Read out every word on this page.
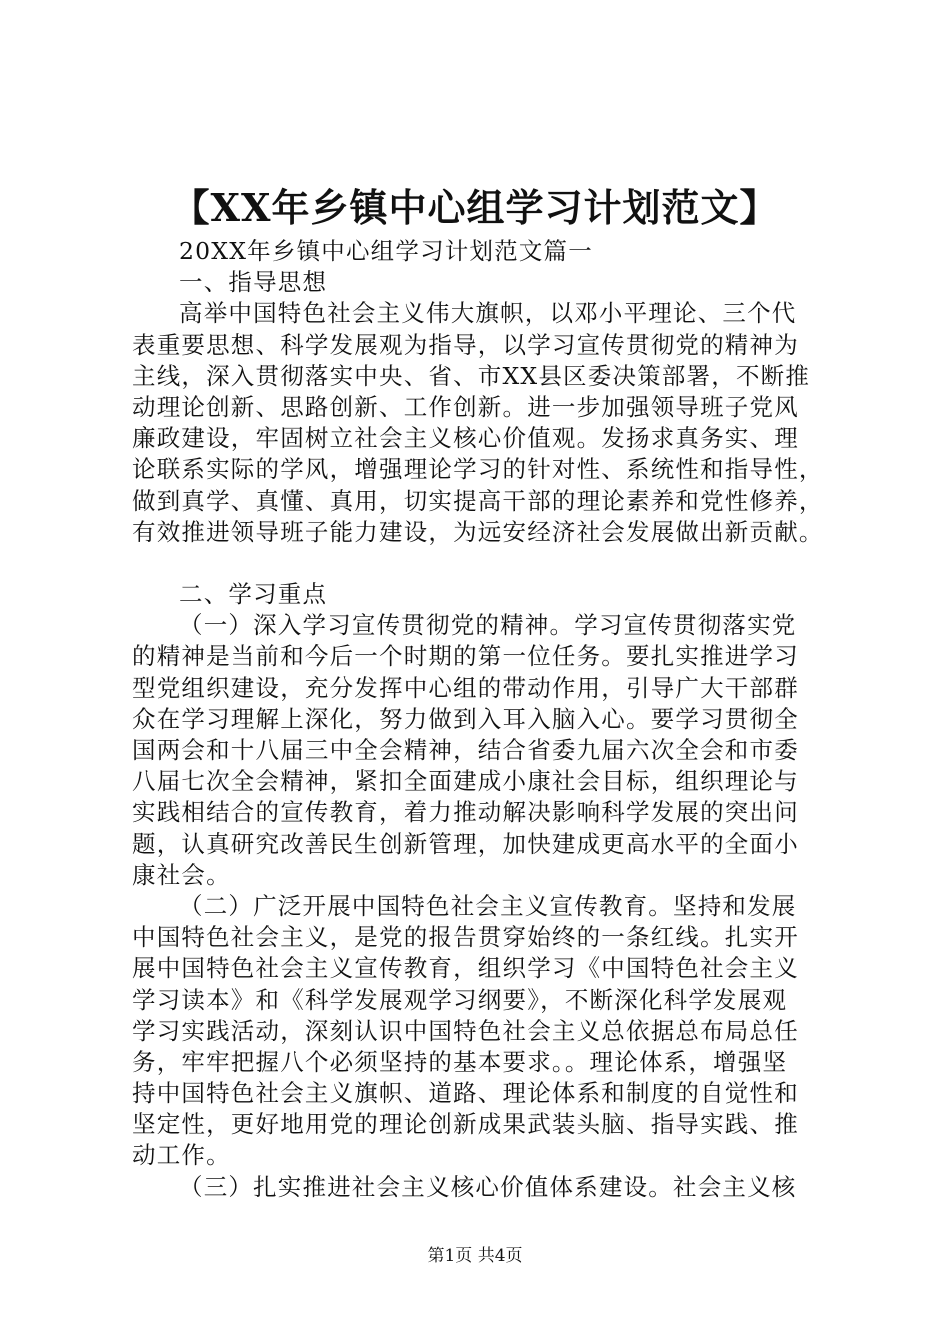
【XX年乡镇中心组学习计划范文】
20XX年乡镇中心组学习计划范文篇一
一、指导思想
高举中国特色社会主义伟大旗帜，以邓小平理论、三个代
表重要思想、科学发展观为指导，以学习宣传贯彻党的精神为
主线，深入贯彻落实中央、省、市XX县区委决策部署，不断推
动理论创新、思路创新、工作创新。进一步加强领导班子党风
廉政建设，牢固树立社会主义核心价值观。发扬求真务实、理
论联系实际的学风，增强理论学习的针对性、系统性和指导性，
做到真学、真懂、真用，切实提高干部的理论素养和党性修养，
有效推进领导班子能力建设，为远安经济社会发展做出新贡献。
二、学习重点
（一）深入学习宣传贯彻党的精神。学习宣传贯彻落实党
的精神是当前和今后一个时期的第一位任务。要扎实推进学习
型党组织建设，充分发挥中心组的带动作用，引导广大干部群
众在学习理解上深化，努力做到入耳入脑入心。要学习贯彻全
国两会和十八届三中全会精神，结合省委九届六次全会和市委
八届七次全会精神，紧扣全面建成小康社会目标，组织理论与
实践相结合的宣传教育，着力推动解决影响科学发展的突出问
题，认真研究改善民生创新管理，加快建成更高水平的全面小
康社会。
（二）广泛开展中国特色社会主义宣传教育。坚持和发展
中国特色社会主义，是党的报告贯穿始终的一条红线。扎实开
展中国特色社会主义宣传教育，组织学习《中国特色社会主义
学习读本》和《科学发展观学习纲要》，不断深化科学发展观
学习实践活动，深刻认识中国特色社会主义总依据总布局总任
务，牢牢把握八个必须坚持的基本要求。。理论体系，增强坚
持中国特色社会主义旗帜、道路、理论体系和制度的自觉性和
坚定性，更好地用党的理论创新成果武装头脑、指导实践、推
动工作。
（三）扎实推进社会主义核心价值体系建设。社会主义核
第1页 共4页
